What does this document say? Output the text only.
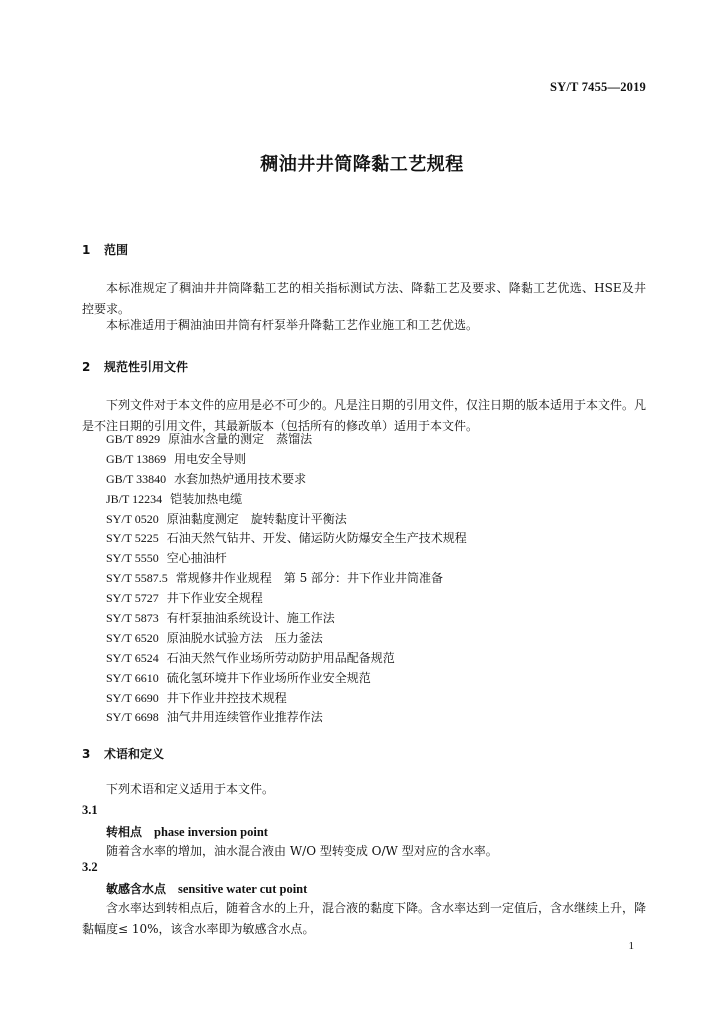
SY/T 7455—2019
稠油井井筒降黏工艺规程
1 范围
本标准规定了稠油井井筒降黏工艺的相关指标测试方法、降黏工艺及要求、降黏工艺优选、HSE及井控要求。
本标准适用于稠油油田井筒有杆泵举升降黏工艺作业施工和工艺优选。
2 规范性引用文件
下列文件对于本文件的应用是必不可少的。凡是注日期的引用文件，仅注日期的版本适用于本文件。凡是不注日期的引用文件，其最新版本（包括所有的修改单）适用于本文件。
GB/T 8929 原油水含量的测定　蒸馏法
GB/T 13869 用电安全导则
GB/T 33840 水套加热炉通用技术要求
JB/T 12234 铠装加热电缆
SY/T 0520 原油黏度测定　旋转黏度计平衡法
SY/T 5225 石油天然气钻井、开发、储运防火防爆安全生产技术规程
SY/T 5550 空心抽油杆
SY/T 5587.5 常规修井作业规程　第 5 部分：井下作业井筒准备
SY/T 5727 井下作业安全规程
SY/T 5873 有杆泵抽油系统设计、施工作法
SY/T 6520 原油脱水试验方法　压力釜法
SY/T 6524 石油天然气作业场所劳动防护用品配备规范
SY/T 6610 硫化氢环境井下作业场所作业安全规范
SY/T 6690 井下作业井控技术规程
SY/T 6698 油气井用连续管作业推荐作法
3 术语和定义
下列术语和定义适用于本文件。
3.1
转相点 phase inversion point
随着含水率的增加，油水混合液由 W/O 型转变成 O/W 型对应的含水率。
3.2
敏感含水点 sensitive water cut point
含水率达到转相点后，随着含水的上升，混合液的黏度下降。含水率达到一定值后，含水继续上升，降黏幅度≤ 10%，该含水率即为敏感含水点。
1
